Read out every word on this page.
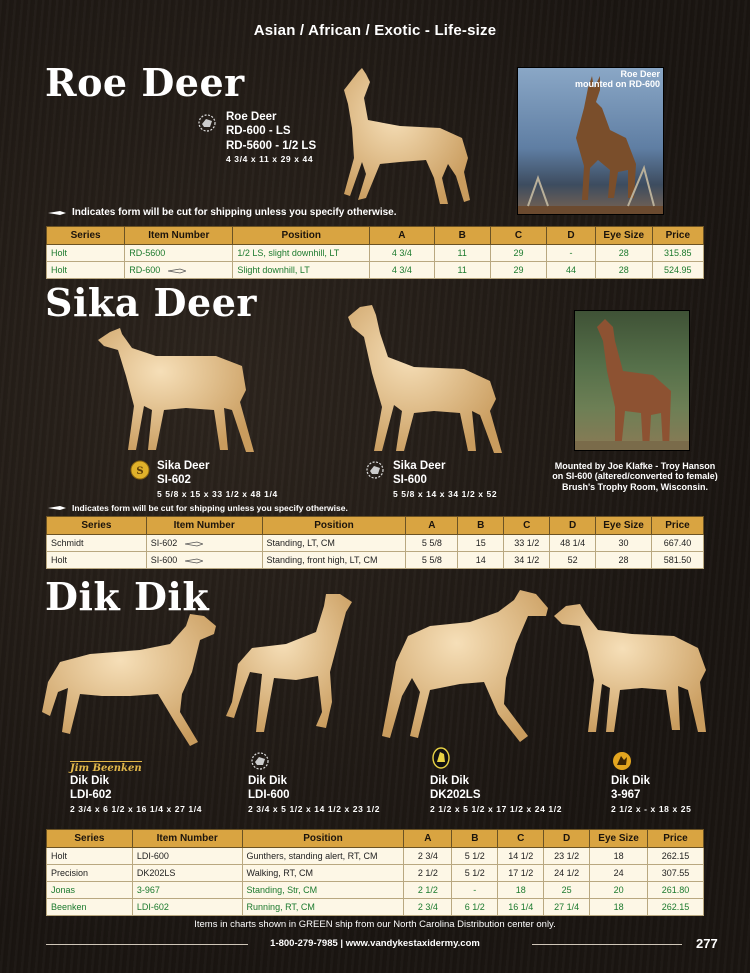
Asian / African / Exotic - Life-size
Roe Deer	Roe Deer
mounted on RD-600
Roe Deer
RD-600 - LS
RD-5600 - 1/2 LS
4 3/4 x 11 x 29 x 44
Indicates form will be cut for shipping unless you specify otherwise.
Series	Item Number	Position	A	B	C	D	Eye Size	Price
Holt	RD-5600	1/2 LS, slight downhill, LT	4 3/4	11	29	-	28	315.85
Holt	RD-600	Slight downhill, LT	4 3/4	11	29	44	28	524.95
Sika Deer
Mounted by Joe Klafke - Troy Hanson
on SI-600 (altered/converted to female)
Brush's Trophy Room, Wisconsin.
S Sika Deer
SI-602
5 5/8 x 15 x 33 1/2 x 48 1/4
Sika Deer
SI-600
5 5/8 x 14 x 34 1/2 x 52
Indicates form will be cut for shipping unless you specify otherwise.
Series	Item Number	Position	A	B	C	D	Eye Size	Price
Schmidt	SI-602	Standing, LT, CM	5 5/8	15	33 1/2	48 1/4	30	667.40
Holt	SI-600	Standing, front high, LT, CM	5 5/8	14	34 1/2	52	28	581.50
Dik Dik
Jim Beenken
Dik Dik
LDI-602
2 3/4 x 6 1/2 x 16 1/4 x 27 1/4
Dik Dik
LDI-600
2 3/4 x 5 1/2 x 14 1/2 x 23 1/2
Dik Dik
DK202LS
2 1/2 x 5 1/2 x 17 1/2 x 24 1/2
Dik Dik
3-967
2 1/2 x - x 18 x 25
Series	Item Number	Position	A	B	C	D	Eye Size	Price
Holt	LDI-600	Gunthers, standing alert, RT, CM	2 3/4	5 1/2	14 1/2	23 1/2	18	262.15
Precision	DK202LS	Walking, RT, CM	2 1/2	5 1/2	17 1/2	24 1/2	24	307.55
Jonas	3-967	Standing, Str, CM	2 1/2	-	18	25	20	261.80
Beenken	LDI-602	Running, RT, CM	2 3/4	6 1/2	16 1/4	27 1/4	18	262.15
Items in charts shown in GREEN ship from our North Carolina Distribution center only.
1-800-279-7985 | www.vandykestaxidermy.com	277
